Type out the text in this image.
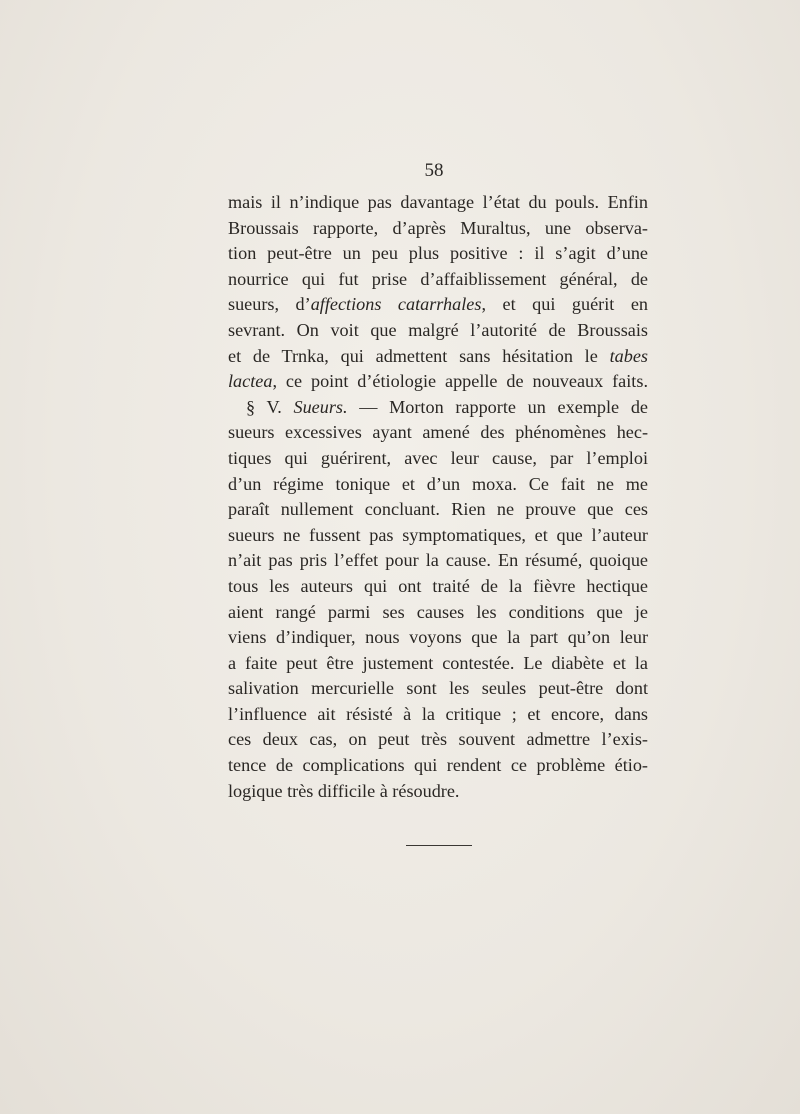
58
mais il n’indique pas davantage l’état du pouls. Enfin
Broussais rapporte, d’après Muraltus, une observa-
tion peut-être un peu plus positive : il s’agit d’une
nourrice qui fut prise d’affaiblissement général, de
sueurs, d’affections catarrhales, et qui guérit en
sevrant. On voit que malgré l’autorité de Broussais
et de Trnka, qui admettent sans hésitation le tabes
lactea, ce point d’étiologie appelle de nouveaux faits.
§ V. Sueurs. — Morton rapporte un exemple de
sueurs excessives ayant amené des phénomènes hec-
tiques qui guérirent, avec leur cause, par l’emploi
d’un régime tonique et d’un moxa. Ce fait ne me
paraît nullement concluant. Rien ne prouve que ces
sueurs ne fussent pas symptomatiques, et que l’auteur
n’ait pas pris l’effet pour la cause. En résumé, quoique
tous les auteurs qui ont traité de la fièvre hectique
aient rangé parmi ses causes les conditions que je
viens d’indiquer, nous voyons que la part qu’on leur
a faite peut être justement contestée. Le diabète et la
salivation mercurielle sont les seules peut-être dont
l’influence ait résisté à la critique ; et encore, dans
ces deux cas, on peut très souvent admettre l’exis-
tence de complications qui rendent ce problème étio-
logique très difficile à résoudre.
